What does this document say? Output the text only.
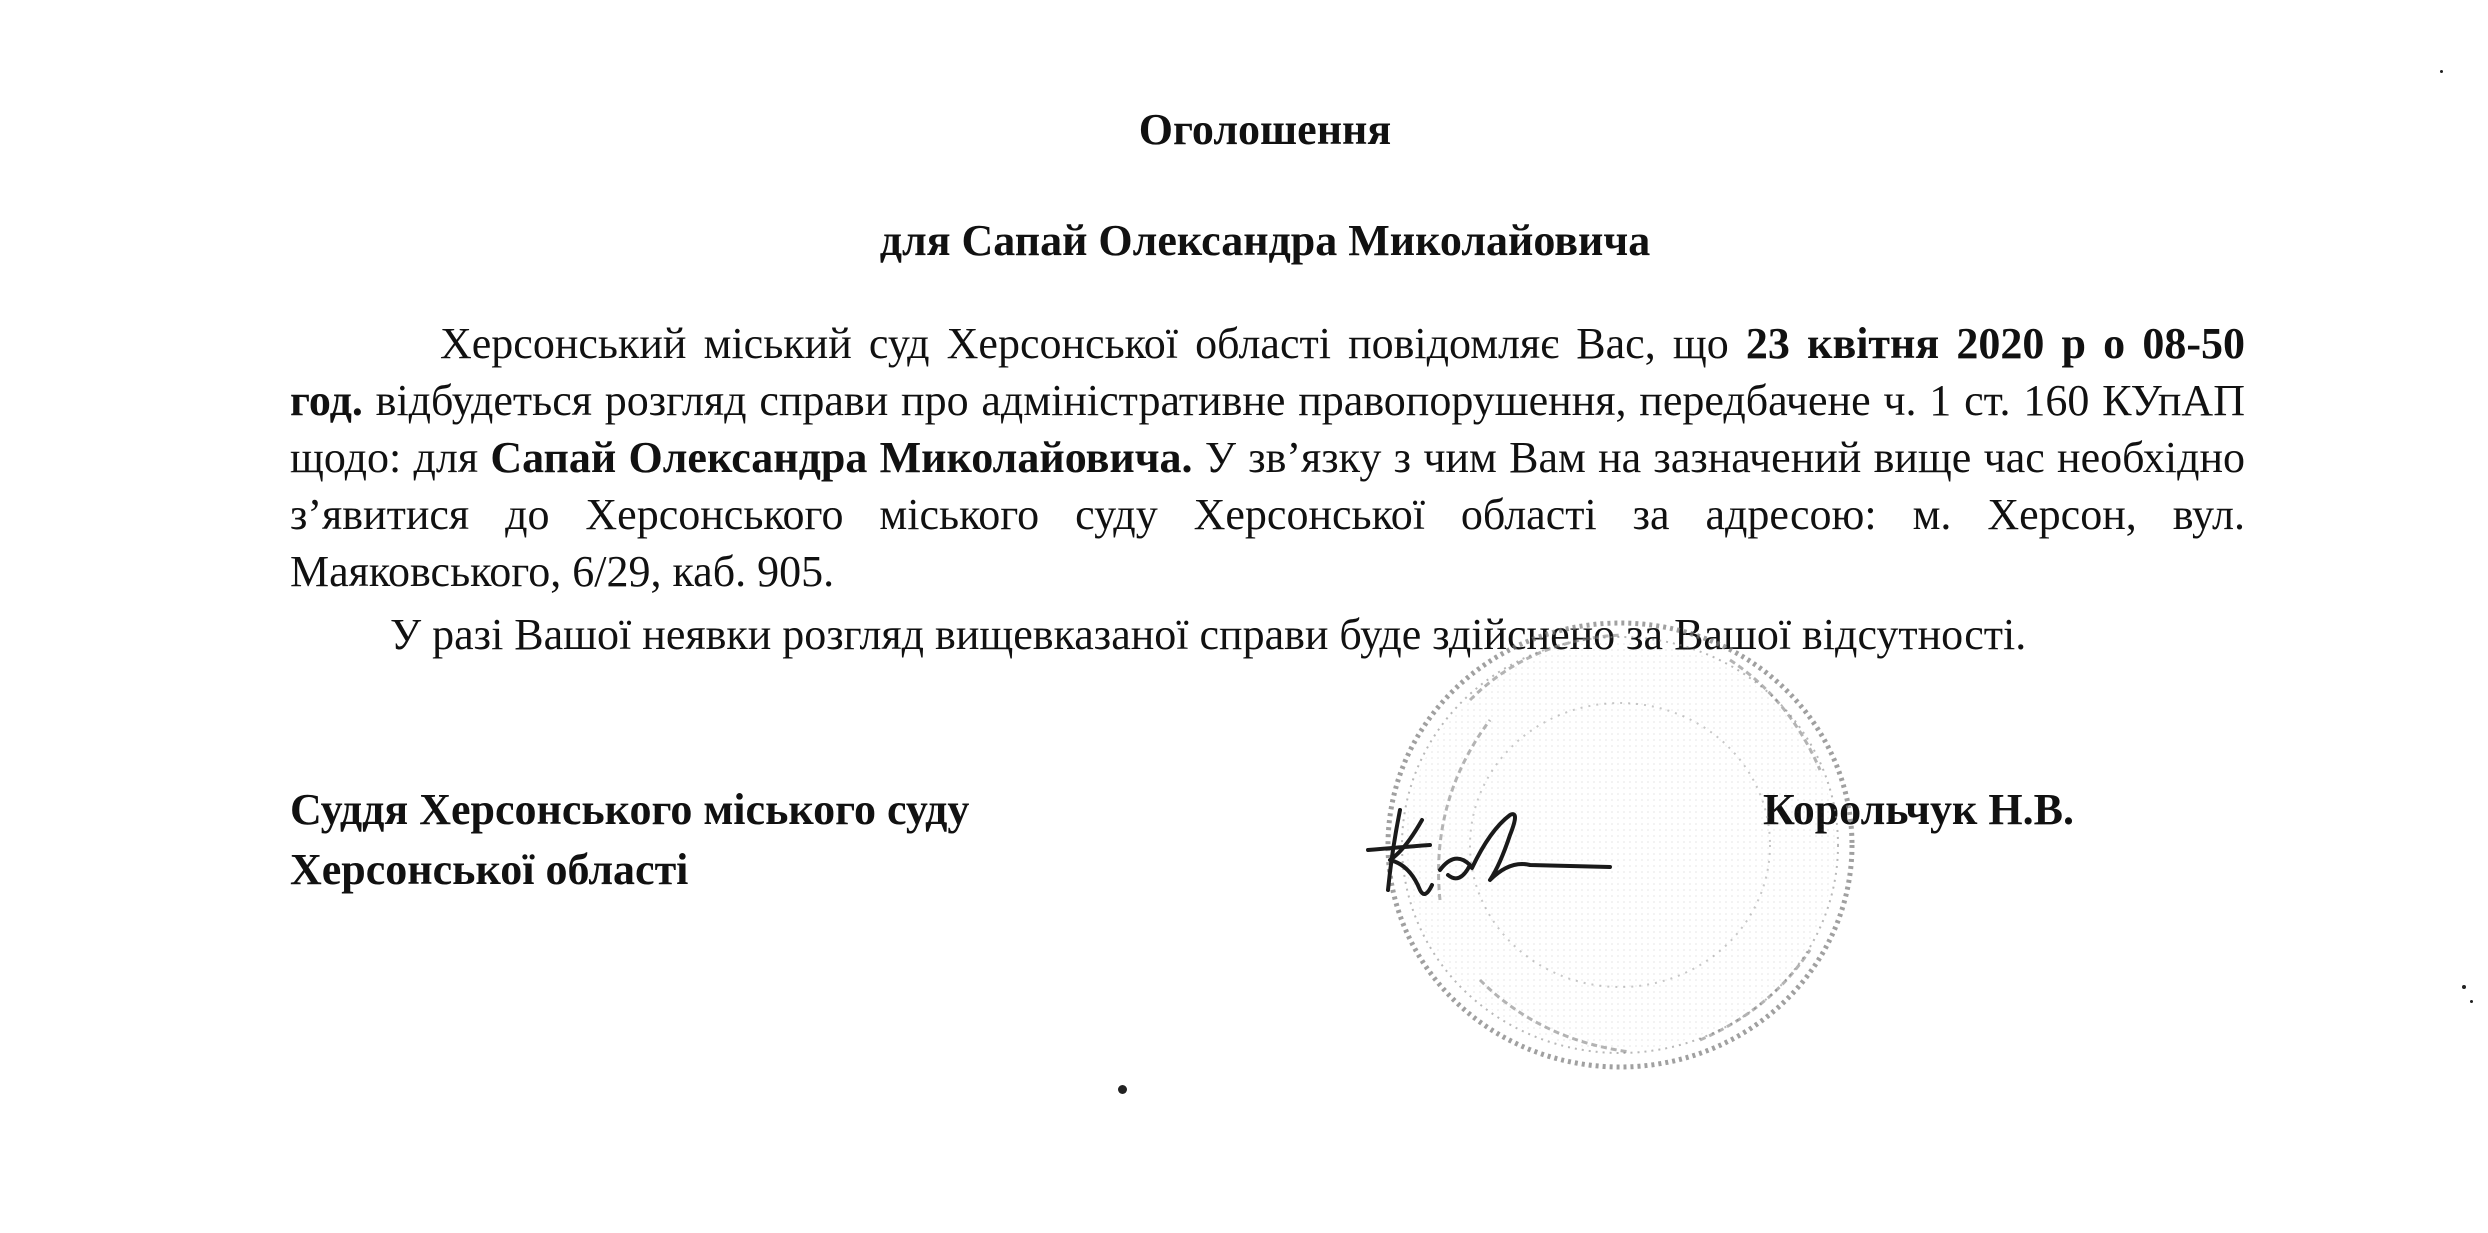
Оголошення
для Сапай Олександра Миколайовича

Херсонський міський суд Херсонської області повідомляє Вас, що 23 квітня 2020 р о 08-50 год. відбудеться розгляд справи про адміністративне правопорушення, передбачене ч. 1 ст. 160 КУпАП щодо: для Сапай Олександра Миколайовича. У зв’язку з чим Вам на зазначений вище час необхідно з’явитися до Херсонського міського суду Херсонської області за адресою: м. Херсон, вул. Маяковського, 6/29, каб. 905.

У разі Вашої неявки розгляд вищевказаної справи буде здійснено за Вашої відсутності.

Суддя Херсонського міського суду
Херсонської області
Корольчук Н.В.
